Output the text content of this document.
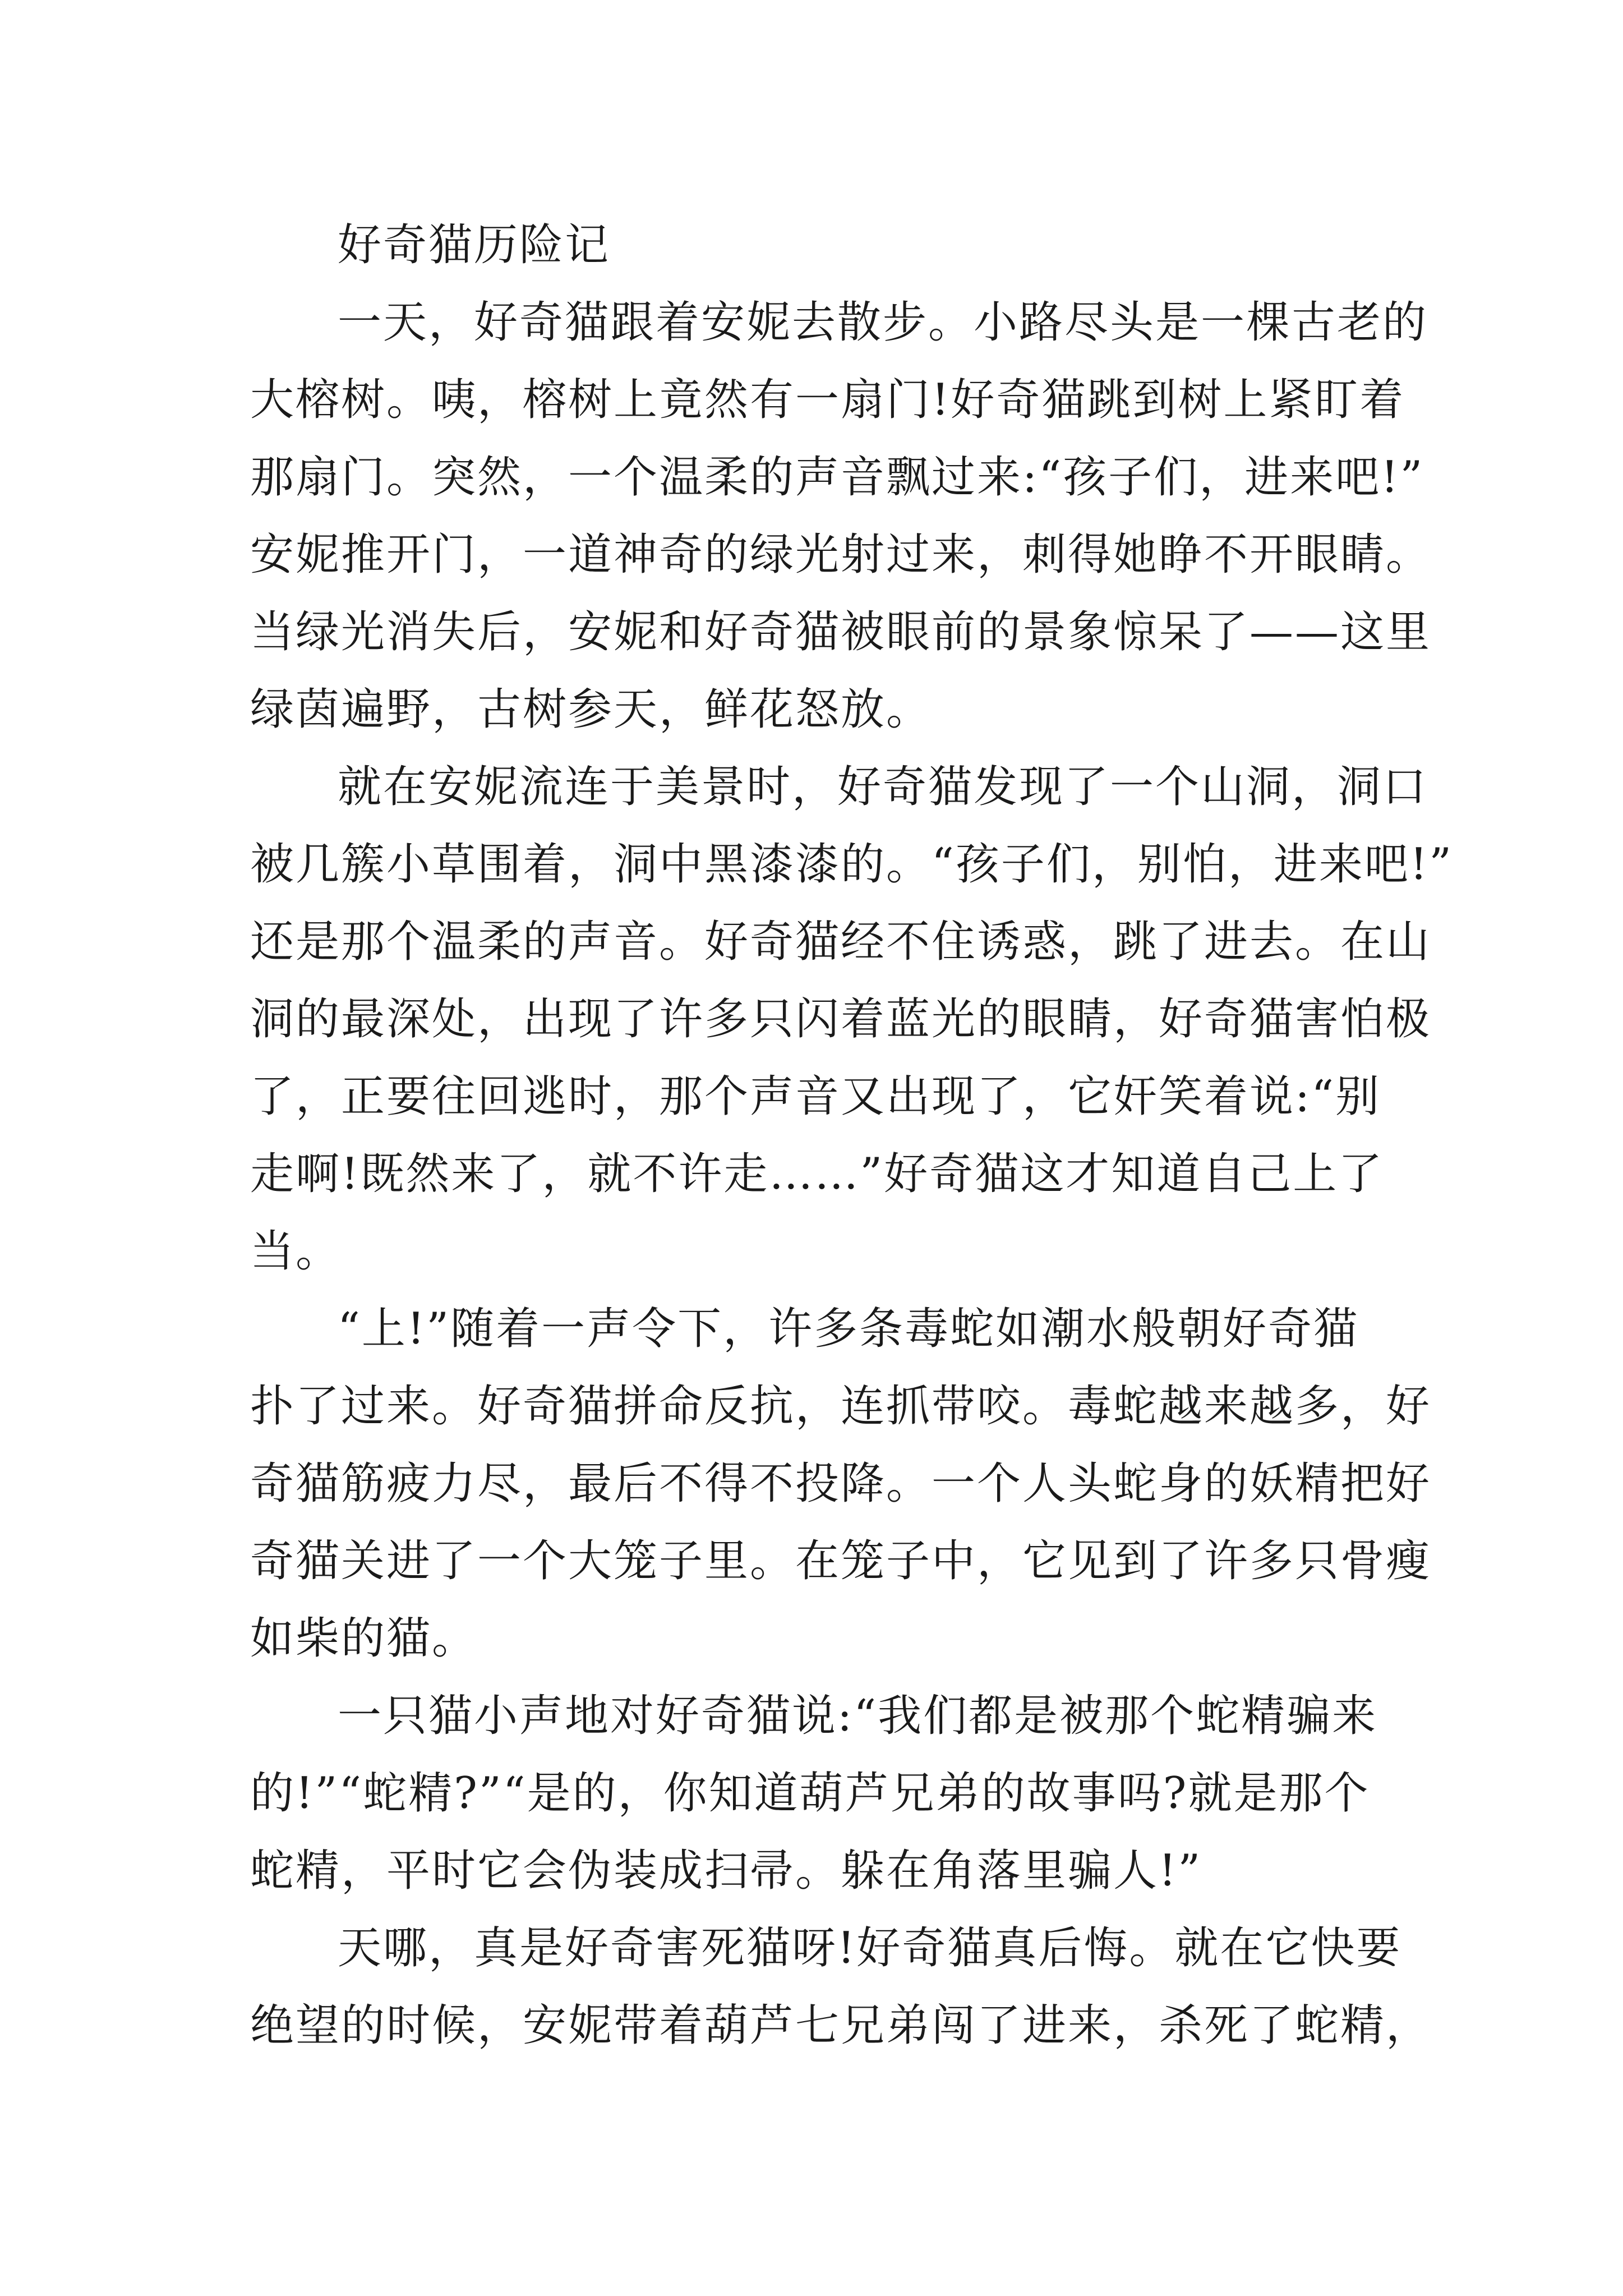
好奇猫历险记
一天，好奇猫跟着安妮去散步。小路尽头是一棵古老的
大榕树。咦，榕树上竟然有一扇门!好奇猫跳到树上紧盯着
那扇门。突然，一个温柔的声音飘过来:“孩子们，进来吧!”
安妮推开门，一道神奇的绿光射过来，刺得她睁不开眼睛。
当绿光消失后，安妮和好奇猫被眼前的景象惊呆了——这里
绿茵遍野，古树参天，鲜花怒放。
就在安妮流连于美景时，好奇猫发现了一个山洞，洞口
被几簇小草围着，洞中黑漆漆的。“孩子们，别怕，进来吧!”
还是那个温柔的声音。好奇猫经不住诱惑，跳了进去。在山
洞的最深处，出现了许多只闪着蓝光的眼睛，好奇猫害怕极
了，正要往回逃时，那个声音又出现了，它奸笑着说:“别
走啊!既然来了，就不许走……”好奇猫这才知道自己上了
当。
“上!”随着一声令下，许多条毒蛇如潮水般朝好奇猫
扑了过来。好奇猫拼命反抗，连抓带咬。毒蛇越来越多，好
奇猫筋疲力尽，最后不得不投降。一个人头蛇身的妖精把好
奇猫关进了一个大笼子里。在笼子中，它见到了许多只骨瘦
如柴的猫。
一只猫小声地对好奇猫说:“我们都是被那个蛇精骗来
的!”“蛇精?”“是的，你知道葫芦兄弟的故事吗?就是那个
蛇精，平时它会伪装成扫帚。躲在角落里骗人!”
天哪，真是好奇害死猫呀!好奇猫真后悔。就在它快要
绝望的时候，安妮带着葫芦七兄弟闯了进来，杀死了蛇精，
